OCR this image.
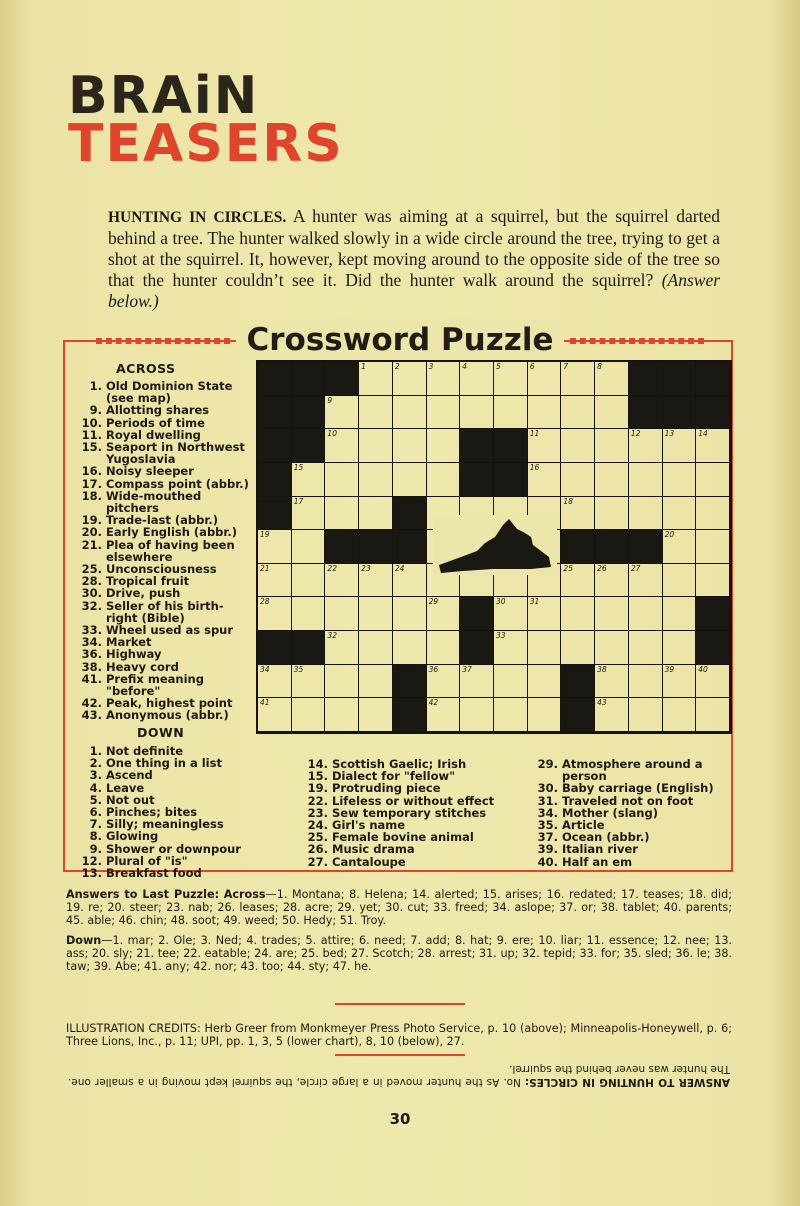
BRAiN
TEASERS
HUNTING IN CIRCLES. A hunter was aiming at a squirrel, but the squirrel darted behind a tree. The hunter walked slowly in a wide circle around the tree, trying to get a shot at the squirrel. It, however, kept moving around to the opposite side of the tree so that the hunter couldn’t see it. Did the hunter walk around the squirrel? (Answer below.)
Crossword Puzzle
ACROSS
1. Old Dominion State (see map)
9. Allotting shares
10. Periods of time
11. Royal dwelling
15. Seaport in Northwest Yugoslavia
16. Noisy sleeper
17. Compass point (abbr.)
18. Wide-mouthed pitchers
19. Trade-last (abbr.)
20. Early English (abbr.)
21. Plea of having been elsewhere
25. Unconsciousness
28. Tropical fruit
30. Drive, push
32. Seller of his birth-right (Bible)
33. Wheel used as spur
34. Market
36. Highway
38. Heavy cord
41. Prefix meaning "before"
42. Peak, highest point
43. Anonymous (abbr.)
DOWN
1. Not definite
2. One thing in a list
3. Ascend
4. Leave
5. Not out
6. Pinches; bites
7. Silly; meaningless
8. Glowing
9. Shower or downpour
12. Plural of "is"
13. Breakfast food
14. Scottish Gaelic; Irish
15. Dialect for "fellow"
19. Protruding piece
22. Lifeless or without effect
23. Sew temporary stitches
24. Girl's name
25. Female bovine animal
26. Music drama
27. Cantaloupe
29. Atmosphere around a person
30. Baby carriage (English)
31. Traveled not on foot
34. Mother (slang)
35. Article
37. Ocean (abbr.)
39. Italian river
40. Half an em
1	2	3	4	5	6	7	8
9
10	11	12	13	14
15	16
17	18
19	20
21	22	23	24	25	26	27
28	29	30	31
32	33
34	35	36	37	38	39	40
41	42	43
Answers to Last Puzzle: Across—1. Montana; 8. Helena; 14. alerted; 15. arises; 16. redated; 17. teases; 18. did; 19. re; 20. steer; 23. nab; 26. leases; 28. acre; 29. yet; 30. cut; 33. freed; 34. aslope; 37. or; 38. tablet; 40. parents; 45. able; 46. chin; 48. soot; 49. weed; 50. Hedy; 51. Troy.
Down—1. mar; 2. Ole; 3. Ned; 4. trades; 5. attire; 6. need; 7. add; 8. hat; 9. ere; 10. liar; 11. essence; 12. nee; 13. ass; 20. sly; 21. tee; 22. eatable; 24. are; 25. bed; 27. Scotch; 28. arrest; 31. up; 32. tepid; 33. for; 35. sled; 36. le; 38. taw; 39. Abe; 41. any; 42. nor; 43. too; 44. sty; 47. he.
ILLUSTRATION CREDITS: Herb Greer from Monkmeyer Press Photo Service, p. 10 (above); Minneapolis-Honeywell, p. 6; Three Lions, Inc., p. 11; UPI, pp. 1, 3, 5 (lower chart), 8, 10 (below), 27.
ANSWER TO HUNTING IN CIRCLES: No. As the hunter moved in a large circle, the squirrel kept moving in a smaller one. The hunter was never behind the squirrel.
30
